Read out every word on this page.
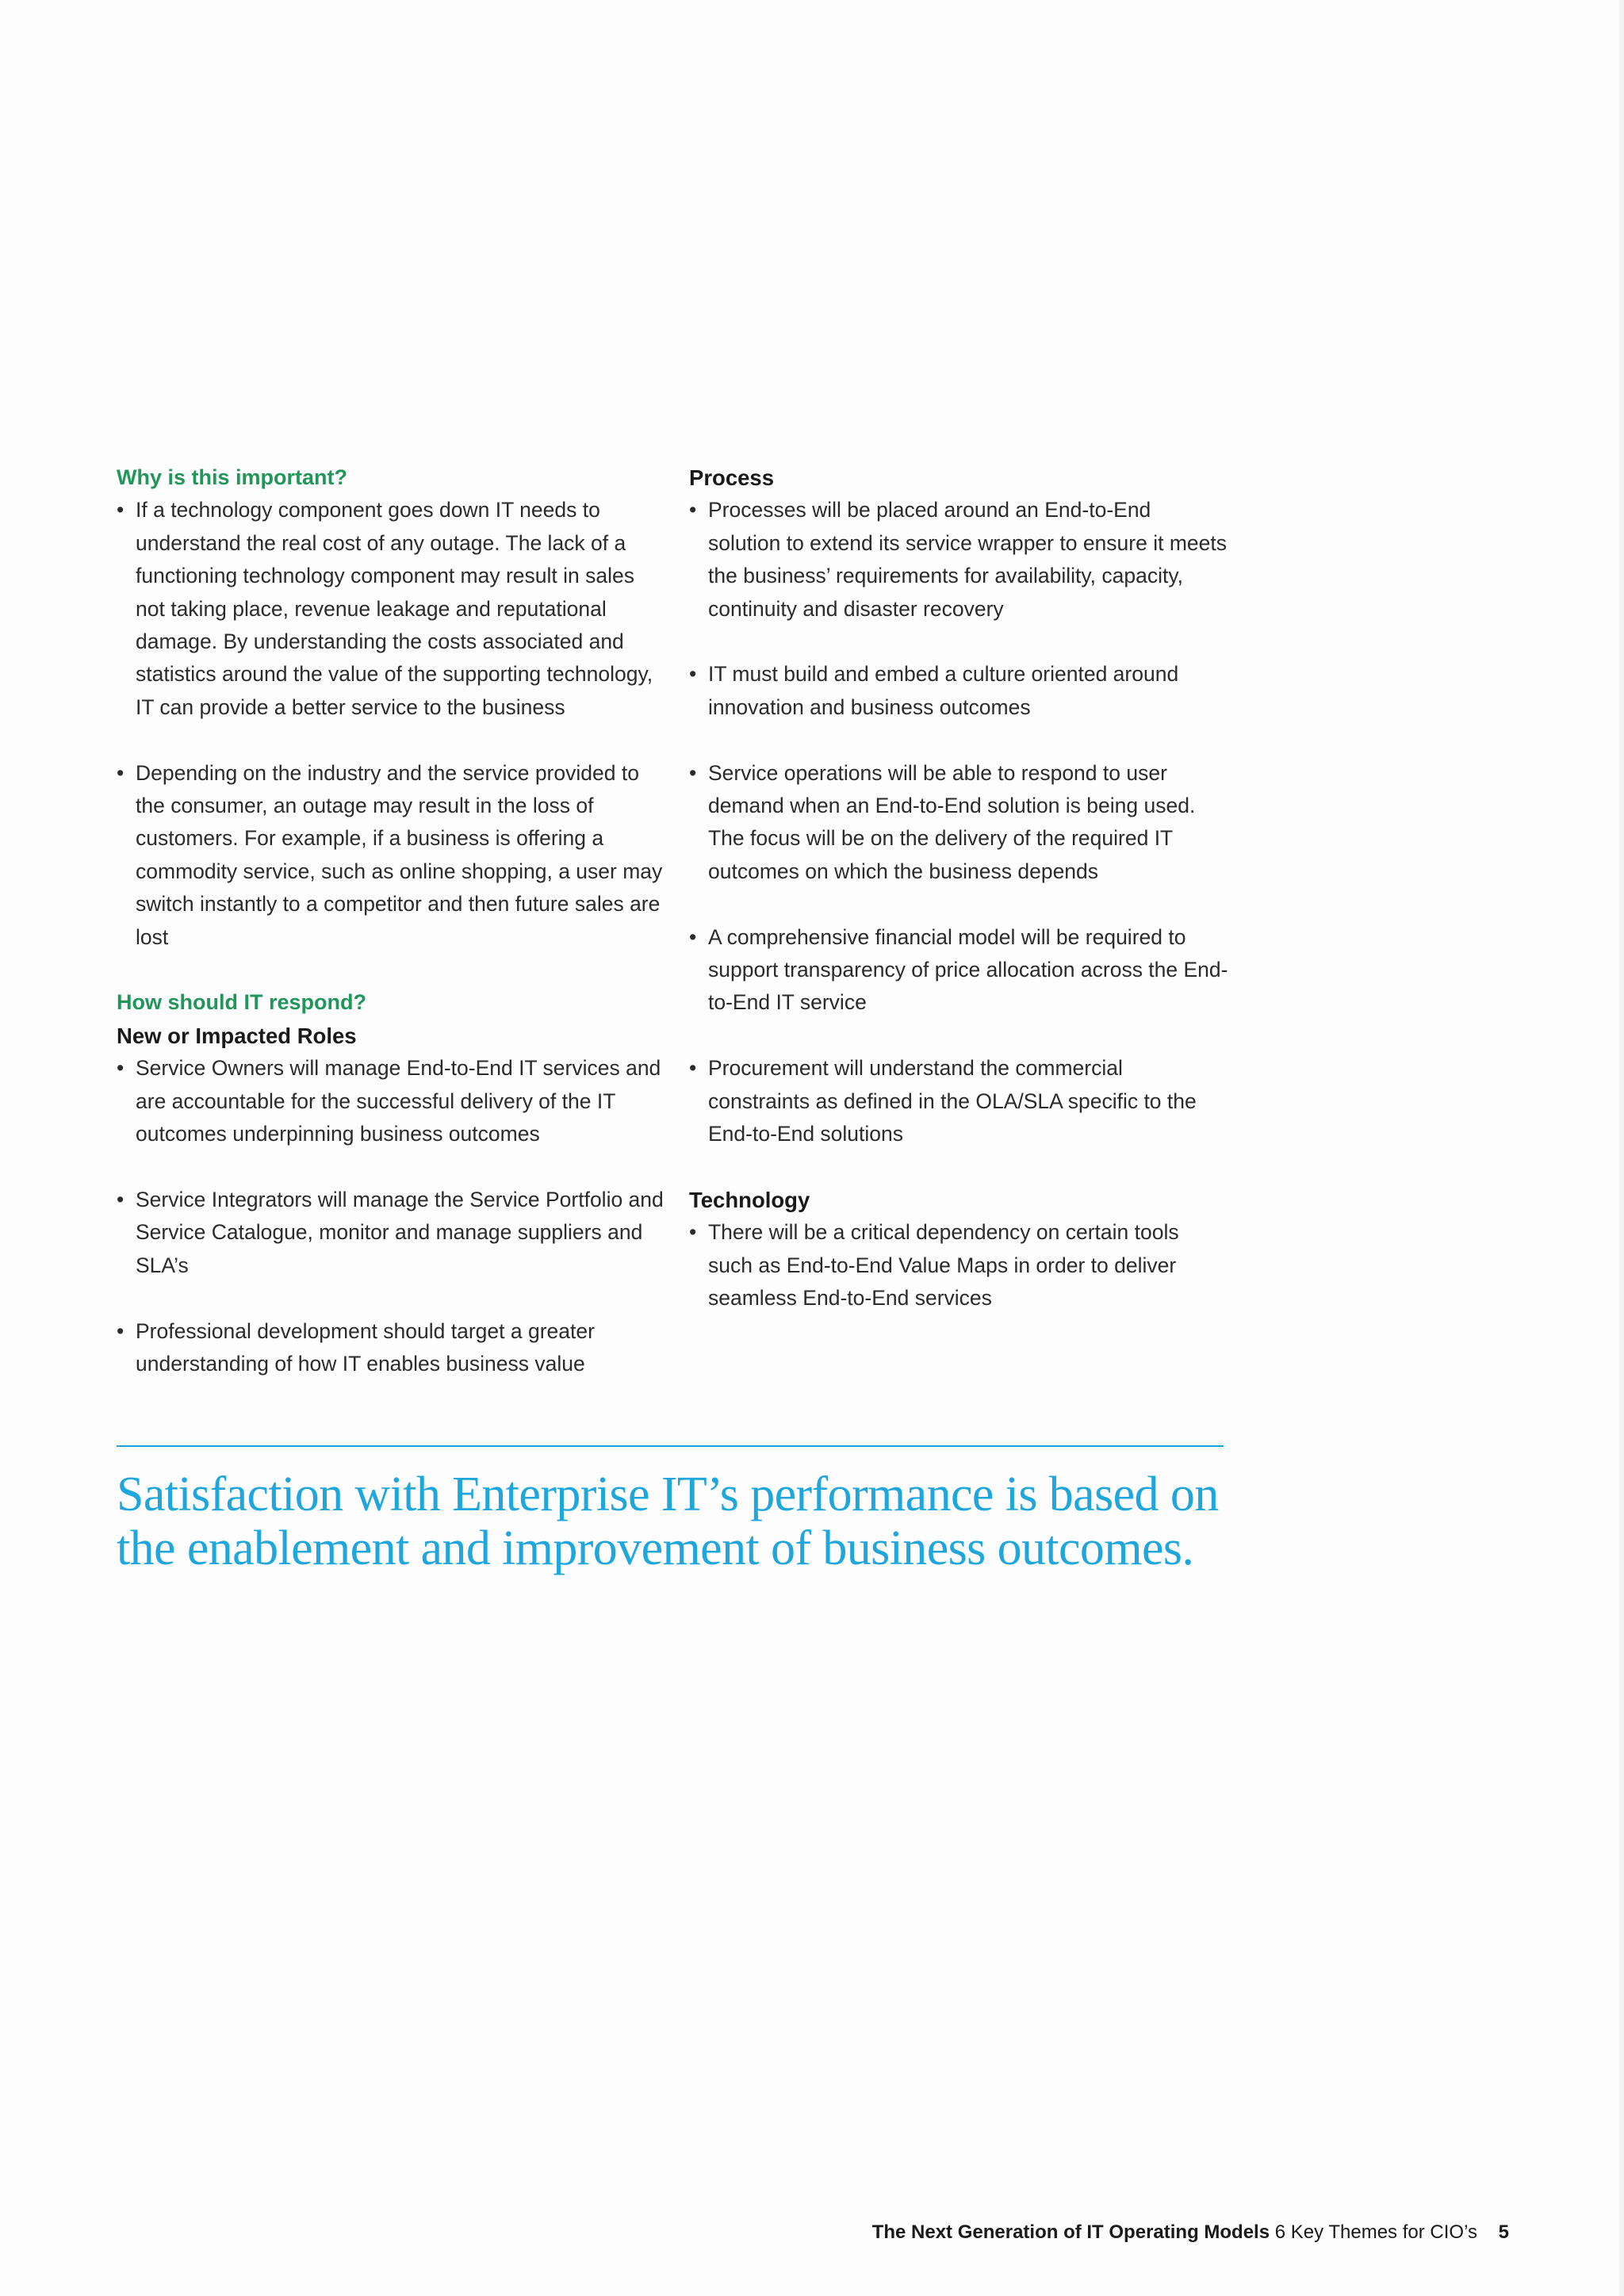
Why is this important?
• If a technology component goes down IT needs to understand the real cost of any outage. The lack of a functioning technology component may result in sales not taking place, revenue leakage and reputational damage. By understanding the costs associated and statistics around the value of the supporting technology, IT can provide a better service to the business
• Depending on the industry and the service provided to the consumer, an outage may result in the loss of customers. For example, if a business is offering a commodity service, such as online shopping, a user may switch instantly to a competitor and then future sales are lost
How should IT respond?
New or Impacted Roles
• Service Owners will manage End-to-End IT services and are accountable for the successful delivery of the IT outcomes underpinning business outcomes
• Service Integrators will manage the Service Portfolio and Service Catalogue, monitor and manage suppliers and SLA’s
• Professional development should target a greater understanding of how IT enables business value
Process
• Processes will be placed around an End-to-End solution to extend its service wrapper to ensure it meets the business’ requirements for availability, capacity, continuity and disaster recovery
• IT must build and embed a culture oriented around innovation and business outcomes
• Service operations will be able to respond to user demand when an End-to-End solution is being used. The focus will be on the delivery of the required IT outcomes on which the business depends
• A comprehensive financial model will be required to support transparency of price allocation across the End-to-End IT service
• Procurement will understand the commercial constraints as defined in the OLA/SLA specific to the End-to-End solutions
Technology
• There will be a critical dependency on certain tools such as End-to-End Value Maps in order to deliver seamless End-to-End services

Satisfaction with Enterprise IT’s performance is based on
the enablement and improvement of business outcomes.

The Next Generation of IT Operating Models 6 Key Themes for CIO’s 5
